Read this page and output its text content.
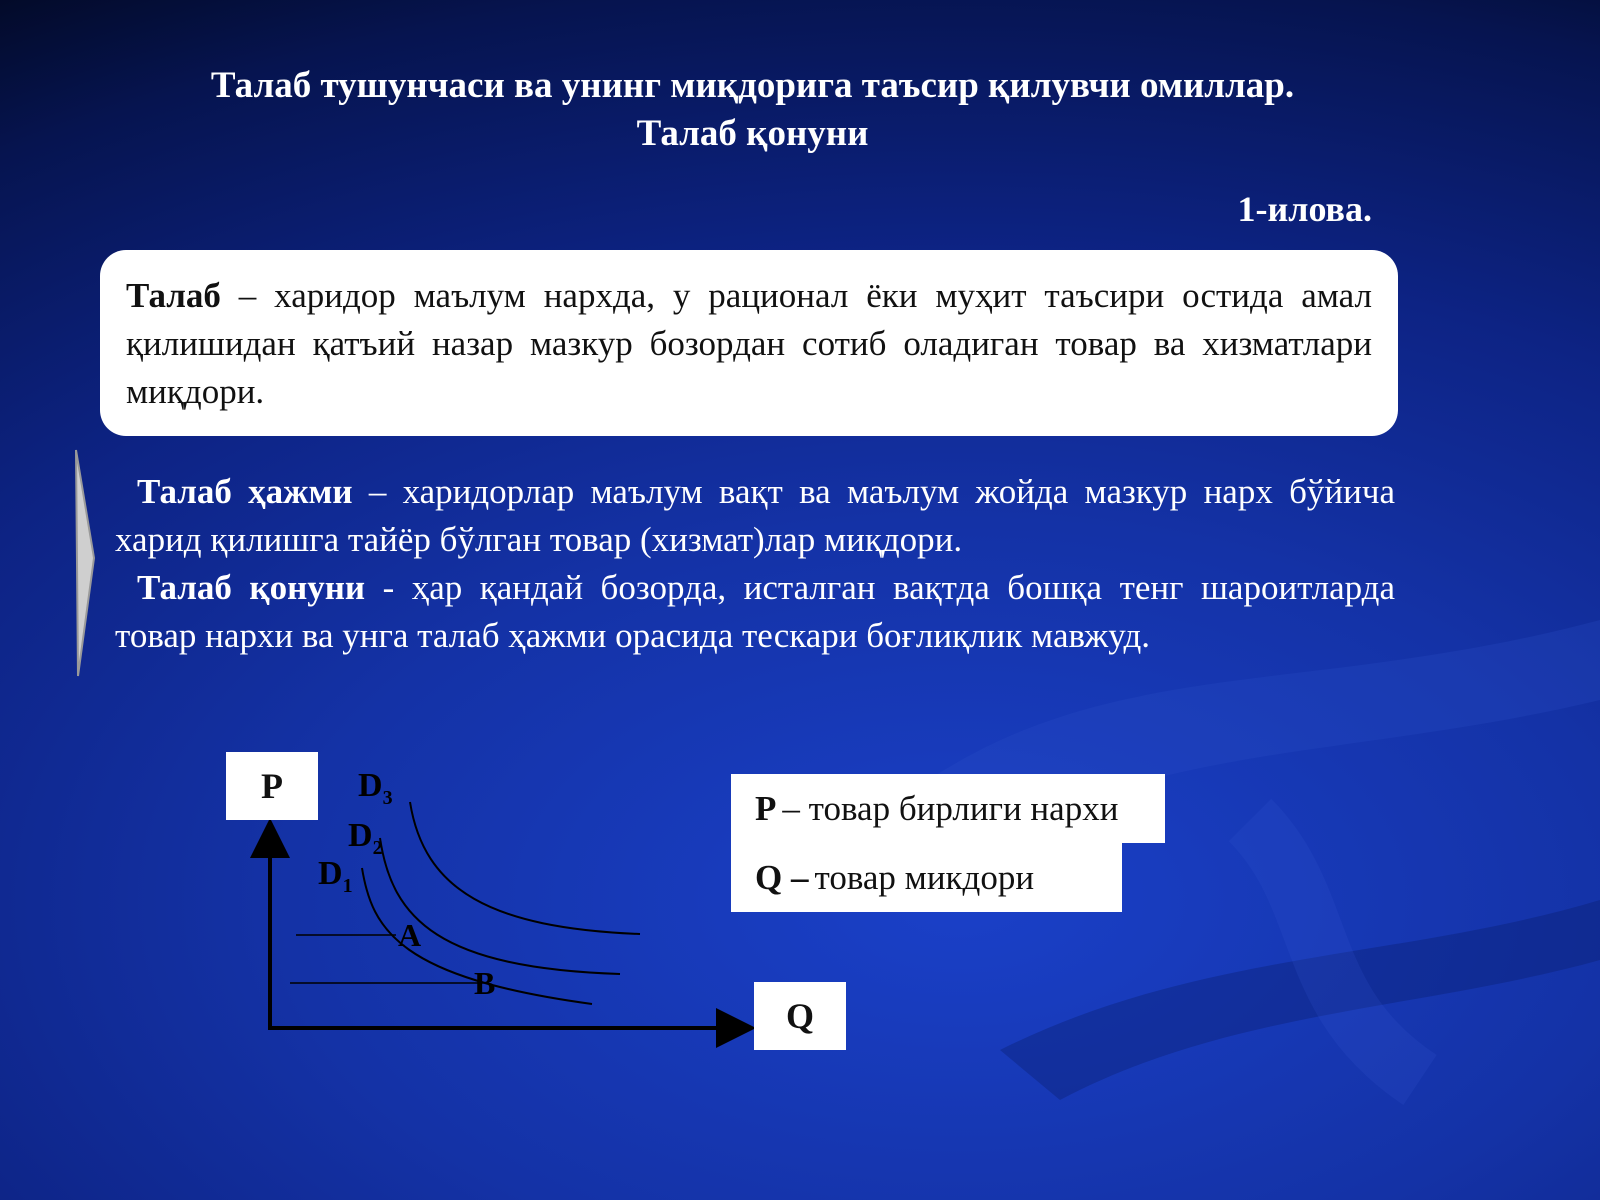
Талаб тушунчаси ва унинг миқдорига таъсир қилувчи омиллар.
Талаб қонуни
1-илова.

Талаб – харидор маълум нархда, у рационал ёки муҳит таъсири остида амал қилишидан қатъий назар мазкур бозордан сотиб оладиган товар ва хизматлари миқдори.

Талаб ҳажми – харидорлар маълум вақт ва маълум жойда мазкур нарх бўйича харид қилишга тайёр бўлган товар (хизмат)лар миқдори.

Талаб қонуни - ҳар қандай бозорда, исталган вақтда бошқа тенг шароитларда товар нархи ва унга талаб ҳажми орасида тескари боғлиқлик мавжуд.

$D_3$
$D_2$
$D_1$
A
B
P
Q
P – товар бирлиги нархи
Q – товар микдори
